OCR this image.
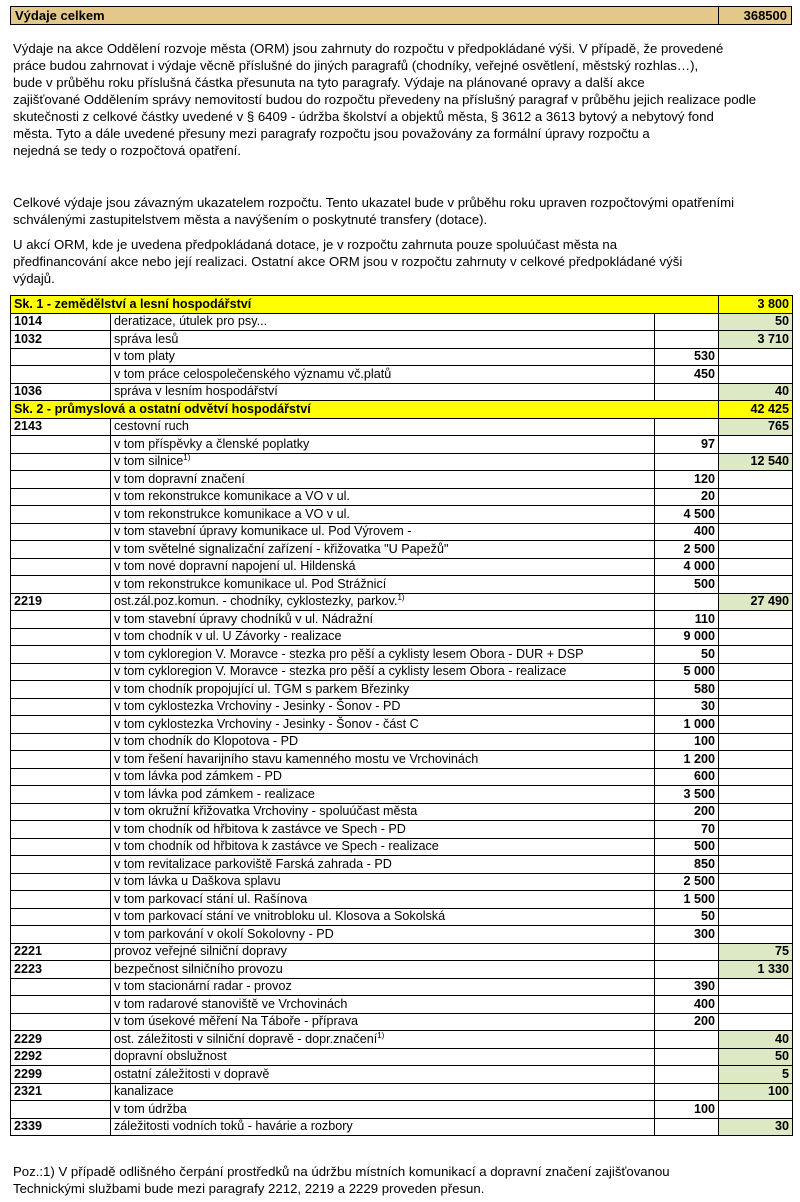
Výdaje celkem	368500
Výdaje na akce Oddělení rozvoje města (ORM) jsou zahrnuty do rozpočtu v předpokládané výši. V případě, že provedené
práce budou zahrnovat i výdaje věcně příslušné do jiných paragrafů (chodníky, veřejné osvětlení, městský rozhlas…),
bude v průběhu roku příslušná částka přesunuta na tyto paragrafy. Výdaje na plánované opravy a další akce
zajišťované Oddělením správy nemovitostí budou do rozpočtu převedeny na příslušný paragraf v průběhu jejich realizace podle
skutečnosti z celkové částky uvedené v § 6409 - údržba školství a objektů města, § 3612 a 3613 bytový a nebytový fond
města. Tyto a dále uvedené přesuny mezi paragrafy rozpočtu jsou považovány za formální úpravy rozpočtu a
nejedná se tedy o rozpočtová opatření.
Celkové výdaje jsou závazným ukazatelem rozpočtu. Tento ukazatel bude v průběhu roku upraven rozpočtovými opatřeními
schválenými zastupitelstvem města a navýšením o poskytnuté transfery (dotace).
U akcí ORM, kde je uvedena předpokládaná dotace, je v rozpočtu zahrnuta pouze spoluúčast města na
předfinancování akce nebo její realizaci. Ostatní akce ORM jsou v rozpočtu zahrnuty v celkové předpokládané výši
výdajů.
Sk. 1 - zemědělství a lesní hospodářství			3 800
1014	deratizace, útulek pro psy...		50
1032	správa lesů		3 710
	v tom platy	530	
	v tom práce celospolečenského významu vč.platů	450	
1036	správa v lesním hospodářství		40
Sk. 2 - průmyslová a ostatní odvětví hospodářství			42 425
2143	cestovní ruch		765
	v tom příspěvky a členské poplatky	97	
	v tom silnice$^{1)}$		12 540
	v tom dopravní značení	120	
	v tom rekonstrukce komunikace a VO v ul.	20	
	v tom rekonstrukce komunikace a VO v ul.	4 500	
	v tom stavební úpravy komunikace ul. Pod Výrovem -	400	
	v tom světelné signalizační zařízení - křižovatka "U Papežů"	2 500	
	v tom nové dopravní napojení ul. Hildenská	4 000	
	v tom rekonstrukce komunikace ul. Pod Strážnicí	500	
2219	ost.zál.poz.komun. - chodníky, cyklostezky, parkov.$^{1)}$		27 490
	v tom stavební úpravy chodníků v ul. Nádražní	110	
	v tom chodník v ul. U Závorky - realizace	9 000	
	v tom cykloregion V. Moravce - stezka pro pěší a cyklisty lesem Obora - DUR + DSP	50	
	v tom cykloregion V. Moravce - stezka pro pěší a cyklisty lesem Obora - realizace	5 000	
	v tom chodník propojující ul. TGM s parkem Březinky	580	
	v tom cyklostezka Vrchoviny - Jesinky - Šonov - PD	30	
	v tom cyklostezka Vrchoviny - Jesinky - Šonov - část C	1 000	
	v tom chodník do Klopotova - PD	100	
	v tom řešení havarijního stavu kamenného mostu ve Vrchovinách	1 200	
	v tom lávka pod zámkem - PD	600	
	v tom lávka pod zámkem - realizace	3 500	
	v tom okružní křižovatka Vrchoviny - spoluúčast města	200	
	v tom chodník od hřbitova k zastávce ve Spech - PD	70	
	v tom chodník od hřbitova k zastávce ve Spech - realizace	500	
	v tom revitalizace parkoviště Farská zahrada - PD	850	
	v tom lávka u Daškova splavu	2 500	
	v tom parkovací stání ul. Rašínova	1 500	
	v tom parkovací stání ve vnitrobloku ul. Klosova a Sokolská	50	
	v tom parkování v okolí Sokolovny - PD	300	
2221	provoz veřejné silniční dopravy		75
2223	bezpečnost silničního provozu		1 330
	v tom stacionární radar - provoz	390	
	v tom radarové stanoviště ve Vrchovinách	400	
	v tom úsekové měření Na Táboře - příprava	200	
2229	ost. záležitosti v silniční dopravě - dopr.značení$^{1)}$		40
2292	dopravní obslužnost		50
2299	ostatní záležitosti v dopravě		5
2321	kanalizace		100
	v tom údržba	100	
2339	záležitosti vodních toků - havárie a rozbory		30
Poz.:1) V případě odlišného čerpání prostředků na údržbu místních komunikací a dopravní značení zajišťovanou
Technickými službami bude mezi paragrafy 2212, 2219 a 2229 proveden přesun.
